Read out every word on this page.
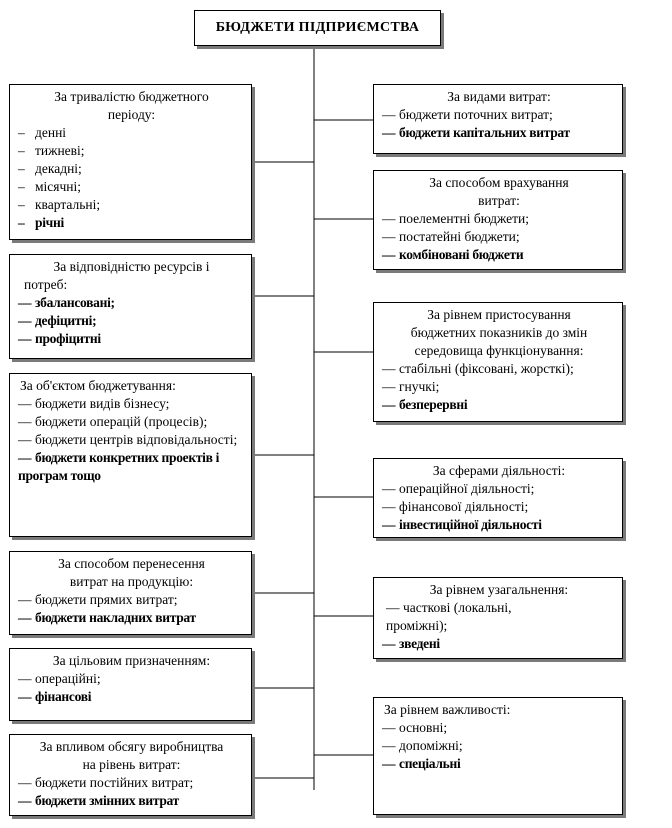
БЮДЖЕТИ ПІДПРИЄМСТВА
За тривалістю бюджетного
періоду:
– денні
– тижневі;
– декадні;
– місячні;
– квартальні;
– річні
За відповідністю ресурсів і
потреб:
— збалансовані;
— дефіцитні;
— профіцитні
За об'єктом бюджетування:
— бюджети видів бізнесу;
— бюджети операцій (процесів);
— бюджети центрів відповідальності;
— бюджети конкретних проектів і програм тощо
За способом перенесення
витрат на продукцію:
— бюджети прямих витрат;
— бюджети накладних витрат
За цільовим призначенням:
— операційні;
— фінансові
За впливом обсягу виробництва
на рівень витрат:
— бюджети постійних витрат;
— бюджети змінних витрат
За видами витрат:
— бюджети поточних витрат;
— бюджети капітальних витрат
За способом врахування
витрат:
— поелементні бюджети;
— постатейні бюджети;
— комбіновані бюджети
За рівнем пристосування
бюджетних показників до змін
середовища функціонування:
— стабільні (фіксовані, жорсткі);
— гнучкі;
— безперервні
За сферами діяльності:
— операційної діяльності;
— фінансової діяльності;
— інвестиційної діяльності
За рівнем узагальнення:
— часткові (локальні, проміжні);
— зведені
За рівнем важливості:
— основні;
— допоміжні;
— спеціальні
